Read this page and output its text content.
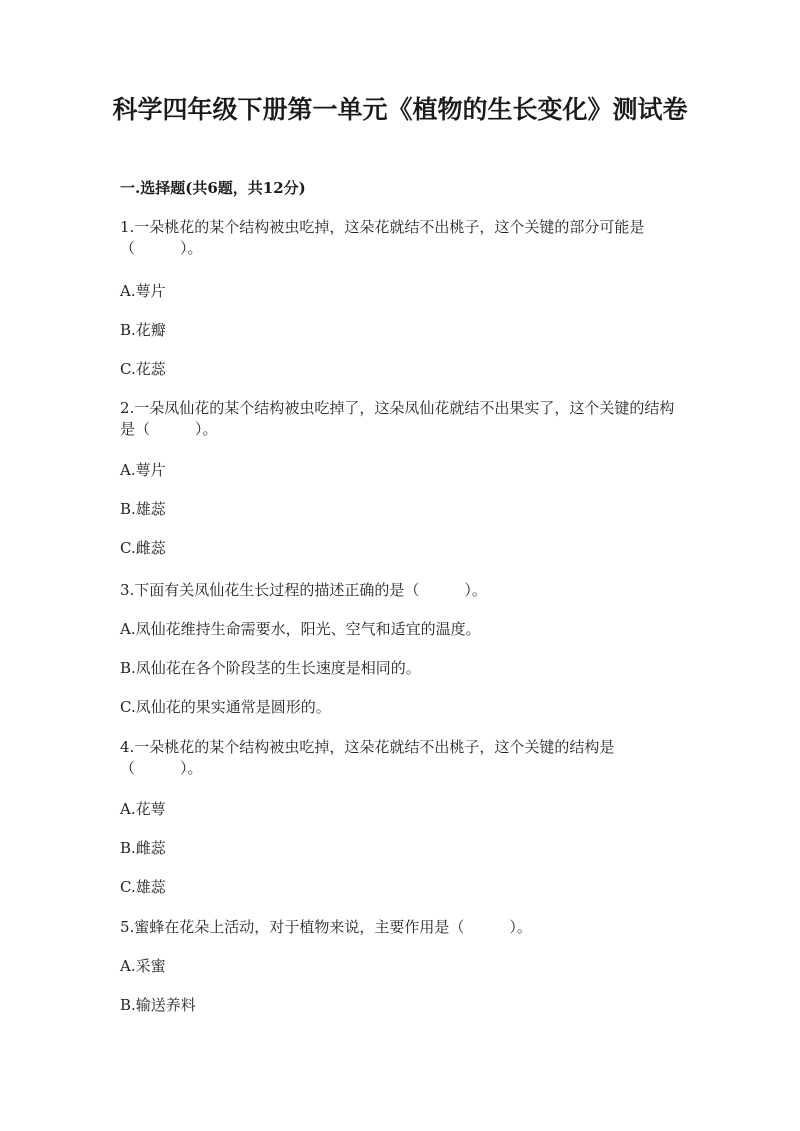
科学四年级下册第一单元《植物的生长变化》测试卷
一.选择题(共6题，共12分)
1.一朵桃花的某个结构被虫吃掉，这朵花就结不出桃子，这个关键的部分可能是（　　　）。
A.萼片
B.花瓣
C.花蕊
2.一朵凤仙花的某个结构被虫吃掉了，这朵凤仙花就结不出果实了，这个关键的结构是（　　　）。
A.萼片
B.雄蕊
C.雌蕊
3.下面有关凤仙花生长过程的描述正确的是（　　　）。
A.凤仙花维持生命需要水，阳光、空气和适宜的温度。
B.凤仙花在各个阶段茎的生长速度是相同的。
C.凤仙花的果实通常是圆形的。
4.一朵桃花的某个结构被虫吃掉，这朵花就结不出桃子，这个关键的结构是（　　　）。
A.花萼
B.雌蕊
C.雄蕊
5.蜜蜂在花朵上活动，对于植物来说，主要作用是（　　　）。
A.采蜜
B.输送养料
